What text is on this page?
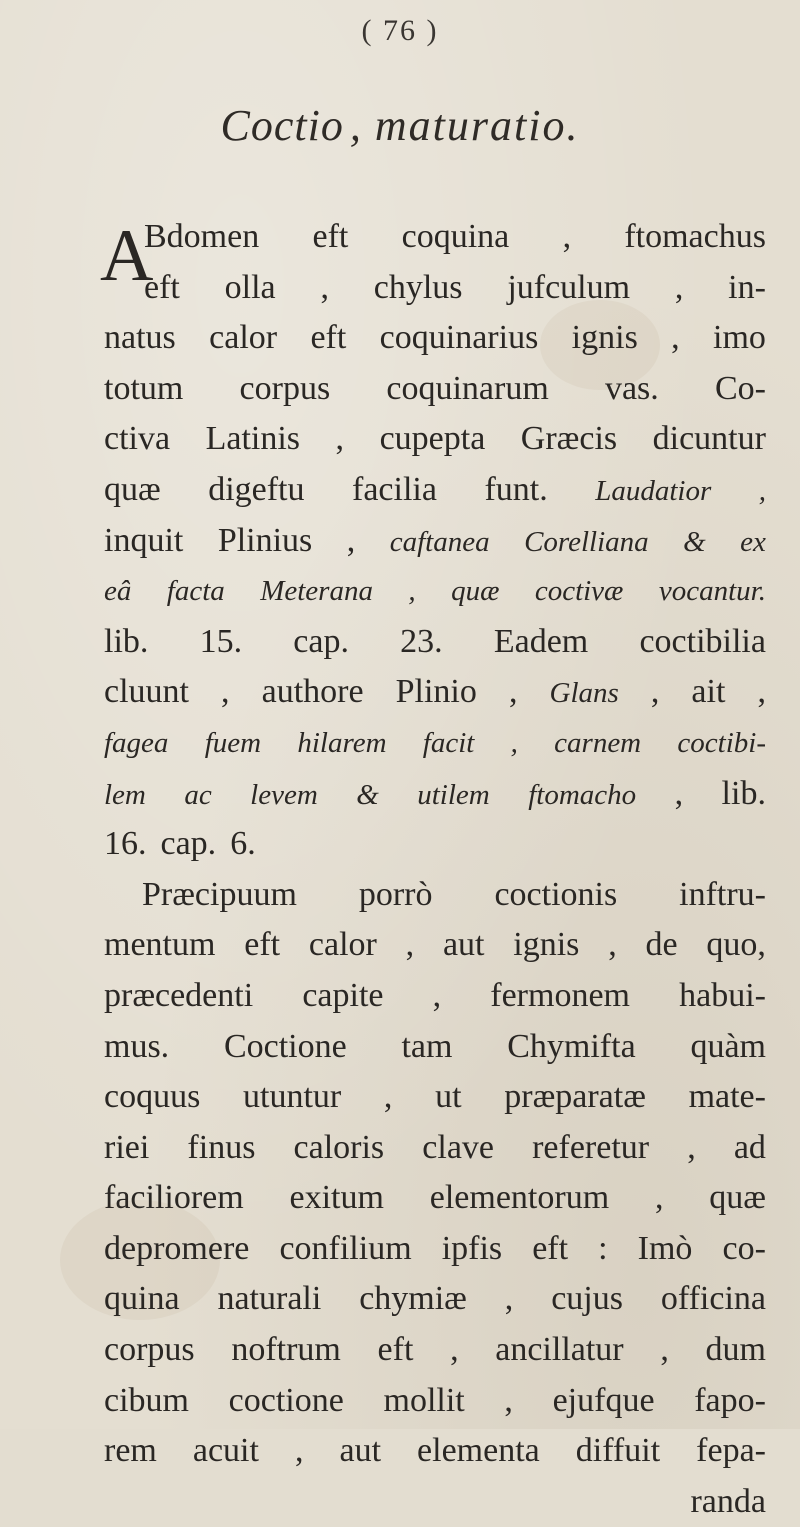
( 76 )
Coctio , maturatio.
A
Bdomen eft coquina , ftomachus
eft olla , chylus jufculum , in-
natus calor eft coquinarius ignis , imo
totum corpus coquinarum vas. Co-
ctiva Latinis , cupepta Græcis dicuntur
quæ digeftu facilia funt. Laudatior ,
inquit Plinius , caftanea Corelliana & ex
eâ facta Meterana , quæ coctivæ vocantur.
lib. 15. cap. 23. Eadem coctibilia
cluunt , authore Plinio , Glans , ait ,
fagea fuem hilarem facit , carnem coctibi-
lem ac levem & utilem ftomacho , lib.
16. cap. 6.
Præcipuum porrò coctionis inftru-
mentum eft calor , aut ignis , de quo,
præcedenti capite , fermonem habui-
mus. Coctione tam Chymifta quàm
coquus utuntur , ut præparatæ mate-
riei finus caloris clave referetur , ad
faciliorem exitum elementorum , quæ
depromere confilium ipfis eft : Imò co-
quina naturali chymiæ , cujus officina
corpus noftrum eft , ancillatur , dum
cibum coctione mollit , ejufque fapo-
rem acuit , aut elementa diffuit fepa-
randa
